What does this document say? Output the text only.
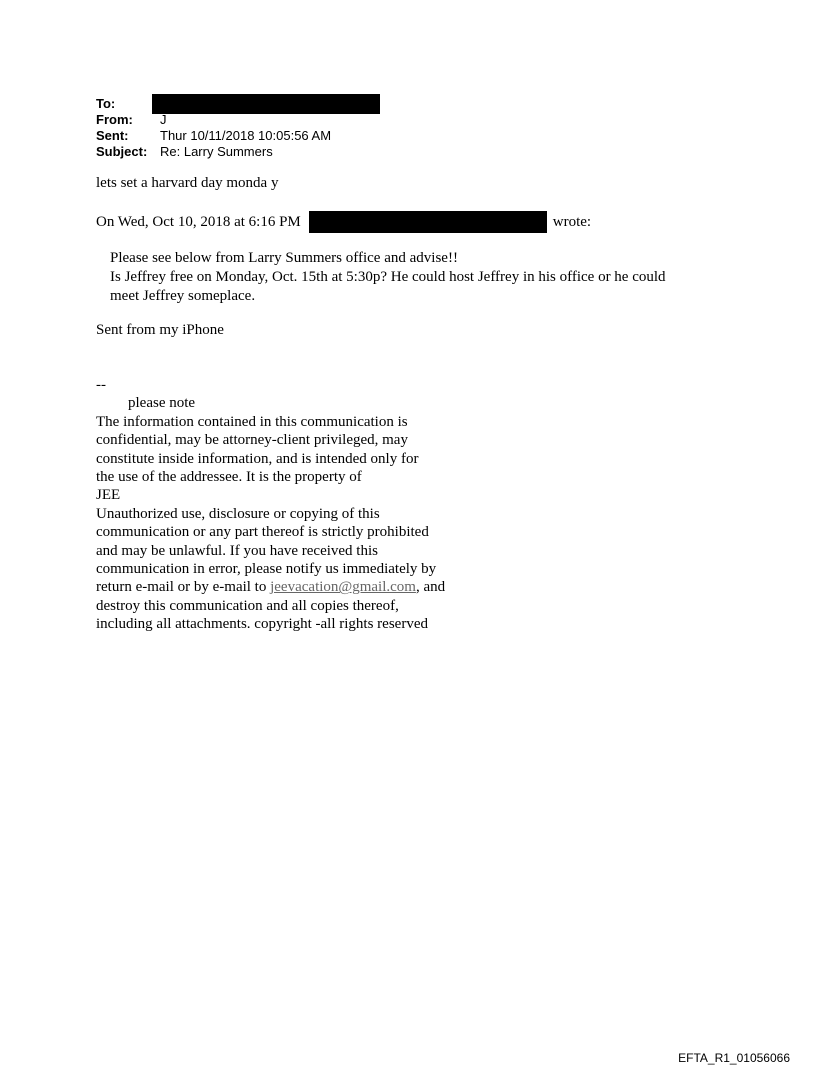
To:
From:	J
Sent:	Thur 10/11/2018 10:05:56 AM
Subject: Re: Larry Summers
lets set a harvard day monda y
On Wed, Oct 10, 2018 at 6:16 PM	wrote:
Please see below from Larry Summers office and advise!!
Is Jeffrey free on Monday, Oct. 15th at 5:30p? He could host Jeffrey in his office or he could
meet Jeffrey someplace.
Sent from my iPhone
--
please note
The information contained in this communication is
confidential, may be attorney-client privileged, may
constitute inside information, and is intended only for
the use of the addressee. It is the property of
JEE
Unauthorized use, disclosure or copying of this
communication or any part thereof is strictly prohibited
and may be unlawful. If you have received this
communication in error, please notify us immediately by
return e-mail or by e-mail to jeevacation@gmail.com, and
destroy this communication and all copies thereof,
including all attachments. copyright -all rights reserved
EFTA_R1_01056066
